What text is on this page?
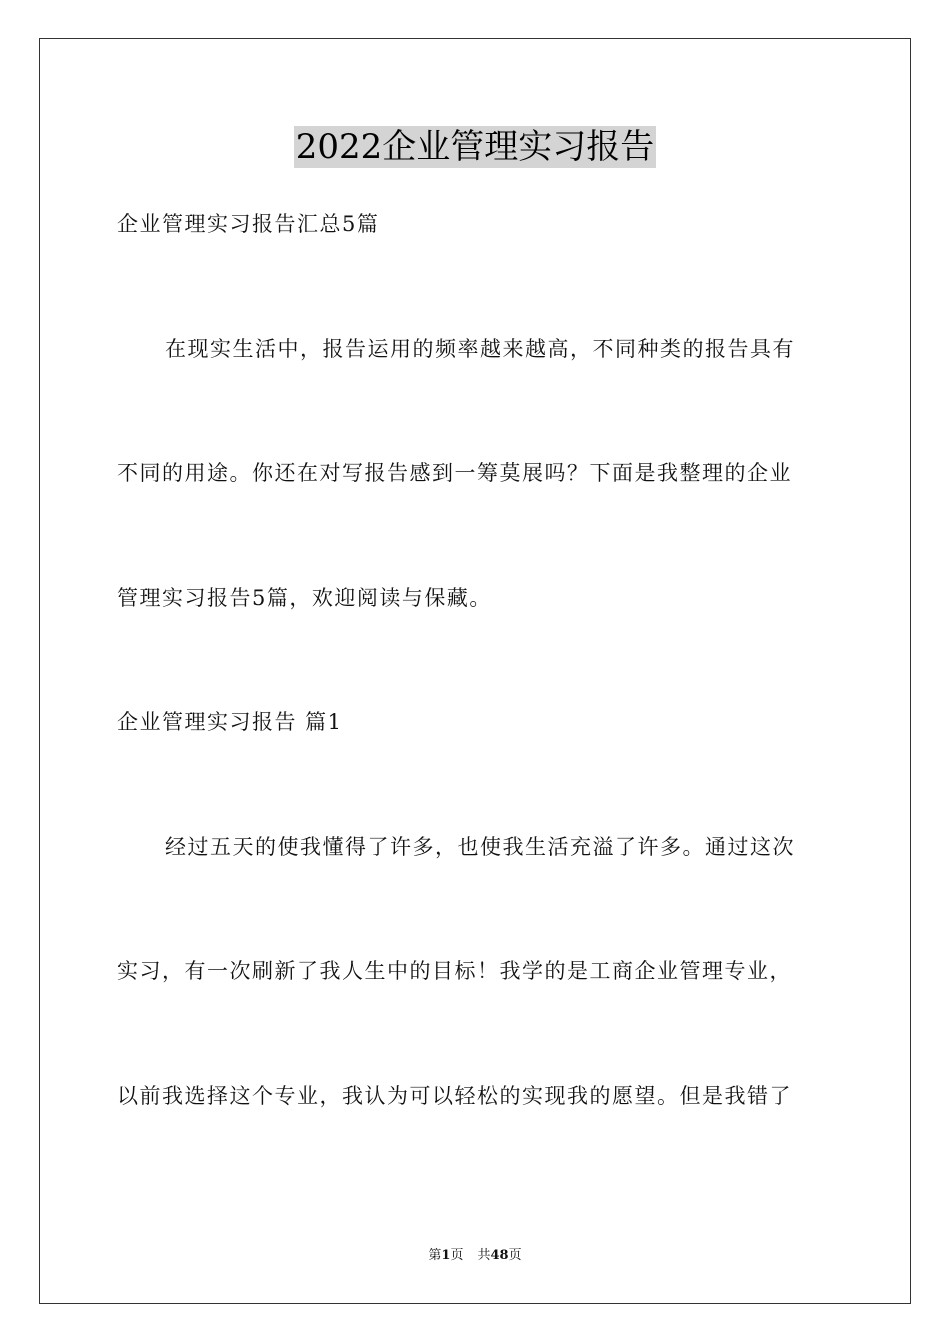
2022企业管理实习报告
企业管理实习报告汇总5篇
在现实生活中，报告运用的频率越来越高，不同种类的报告具有
不同的用途。你还在对写报告感到一筹莫展吗？下面是我整理的企业
管理实习报告5篇，欢迎阅读与保藏。
企业管理实习报告 篇1
经过五天的使我懂得了许多，也使我生活充溢了许多。通过这次
实习，有一次刷新了我人生中的目标！我学的是工商企业管理专业，
以前我选择这个专业，我认为可以轻松的实现我的愿望。但是我错了
第1页 共48页
